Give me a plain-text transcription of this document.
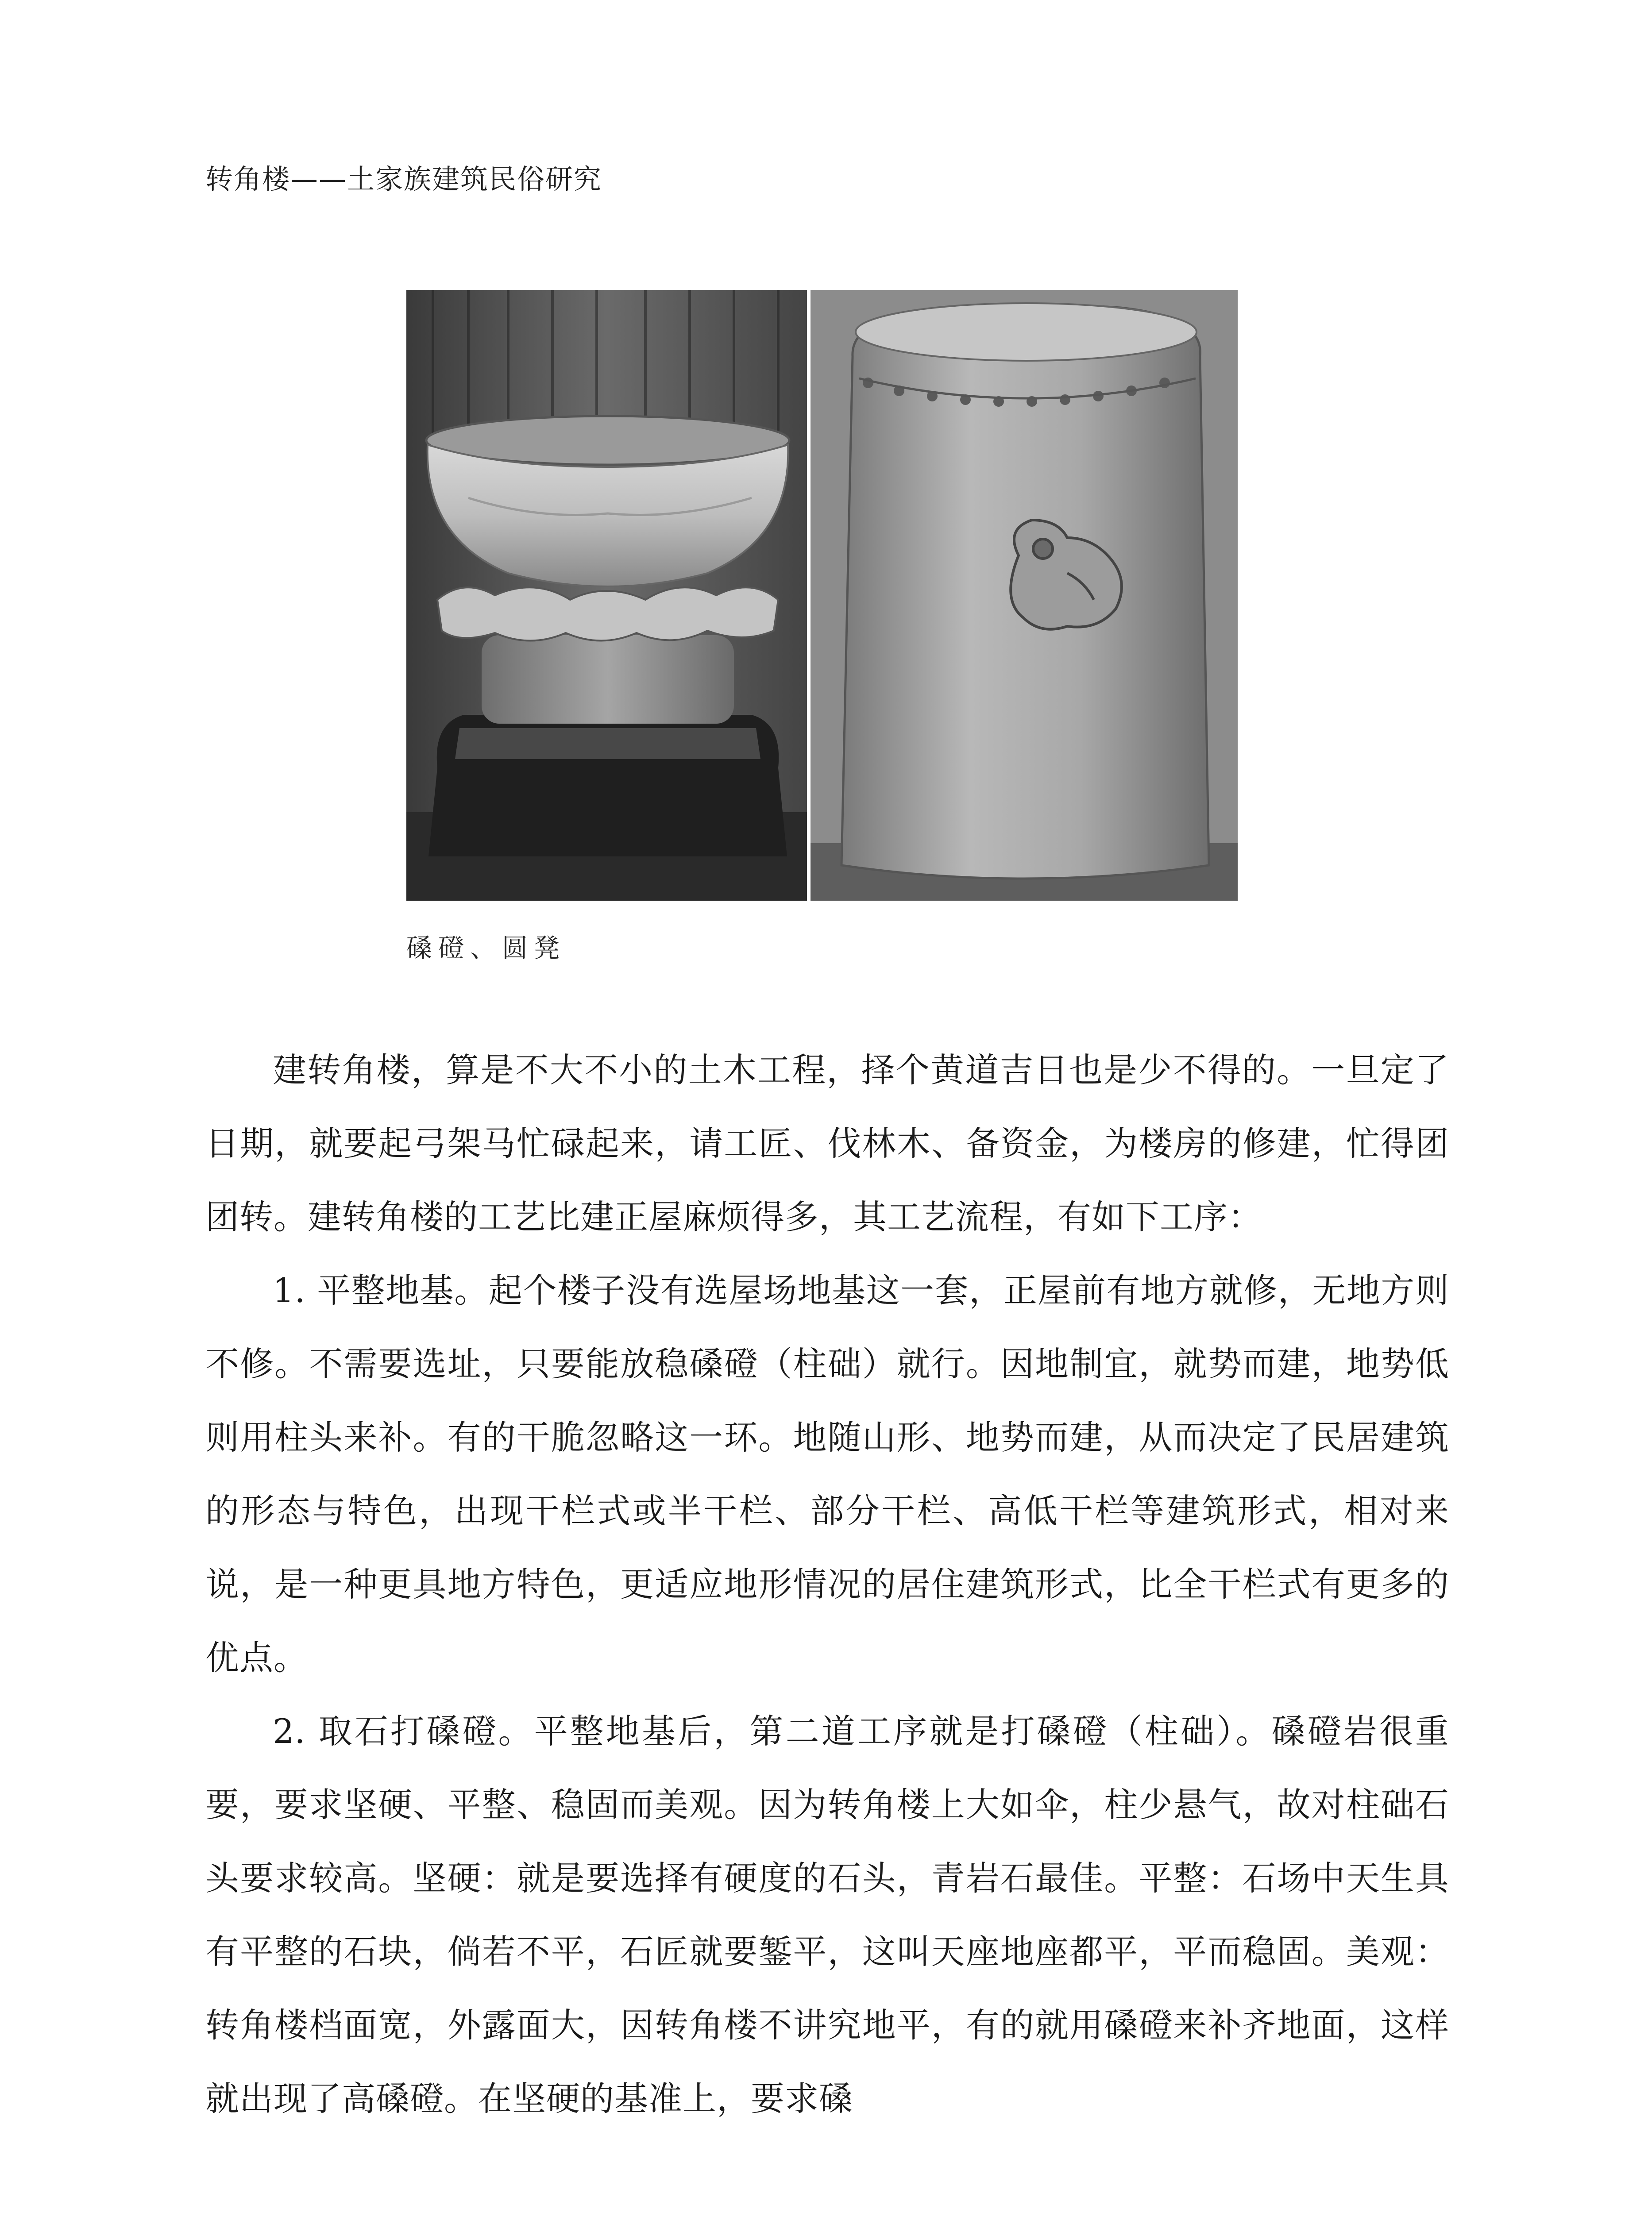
转角楼——土家族建筑民俗研究
磉磴、圆凳

建转角楼，算是不大不小的土木工程，择个黄道吉日也是少不得的。一旦定了日期，就要起弓架马忙碌起来，请工匠、伐林木、备资金，为楼房的修建，忙得团团转。建转角楼的工艺比建正屋麻烦得多，其工艺流程，有如下工序：

1. 平整地基。起个楼子没有选屋场地基这一套，正屋前有地方就修，无地方则不修。不需要选址，只要能放稳磉磴（柱础）就行。因地制宜，就势而建，地势低则用柱头来补。有的干脆忽略这一环。地随山形、地势而建，从而决定了民居建筑的形态与特色，出现干栏式或半干栏、部分干栏、高低干栏等建筑形式，相对来说，是一种更具地方特色，更适应地形情况的居住建筑形式，比全干栏式有更多的优点。

2. 取石打磉磴。平整地基后，第二道工序就是打磉磴（柱础）。磉磴岩很重要，要求坚硬、平整、稳固而美观。因为转角楼上大如伞，柱少悬气，故对柱础石头要求较高。坚硬：就是要选择有硬度的石头，青岩石最佳。平整：石场中天生具有平整的石块，倘若不平，石匠就要錾平，这叫天座地座都平，平而稳固。美观：转角楼档面宽，外露面大，因转角楼不讲究地平，有的就用磉磴来补齐地面，这样就出现了高磉磴。在坚硬的基准上，要求磉
